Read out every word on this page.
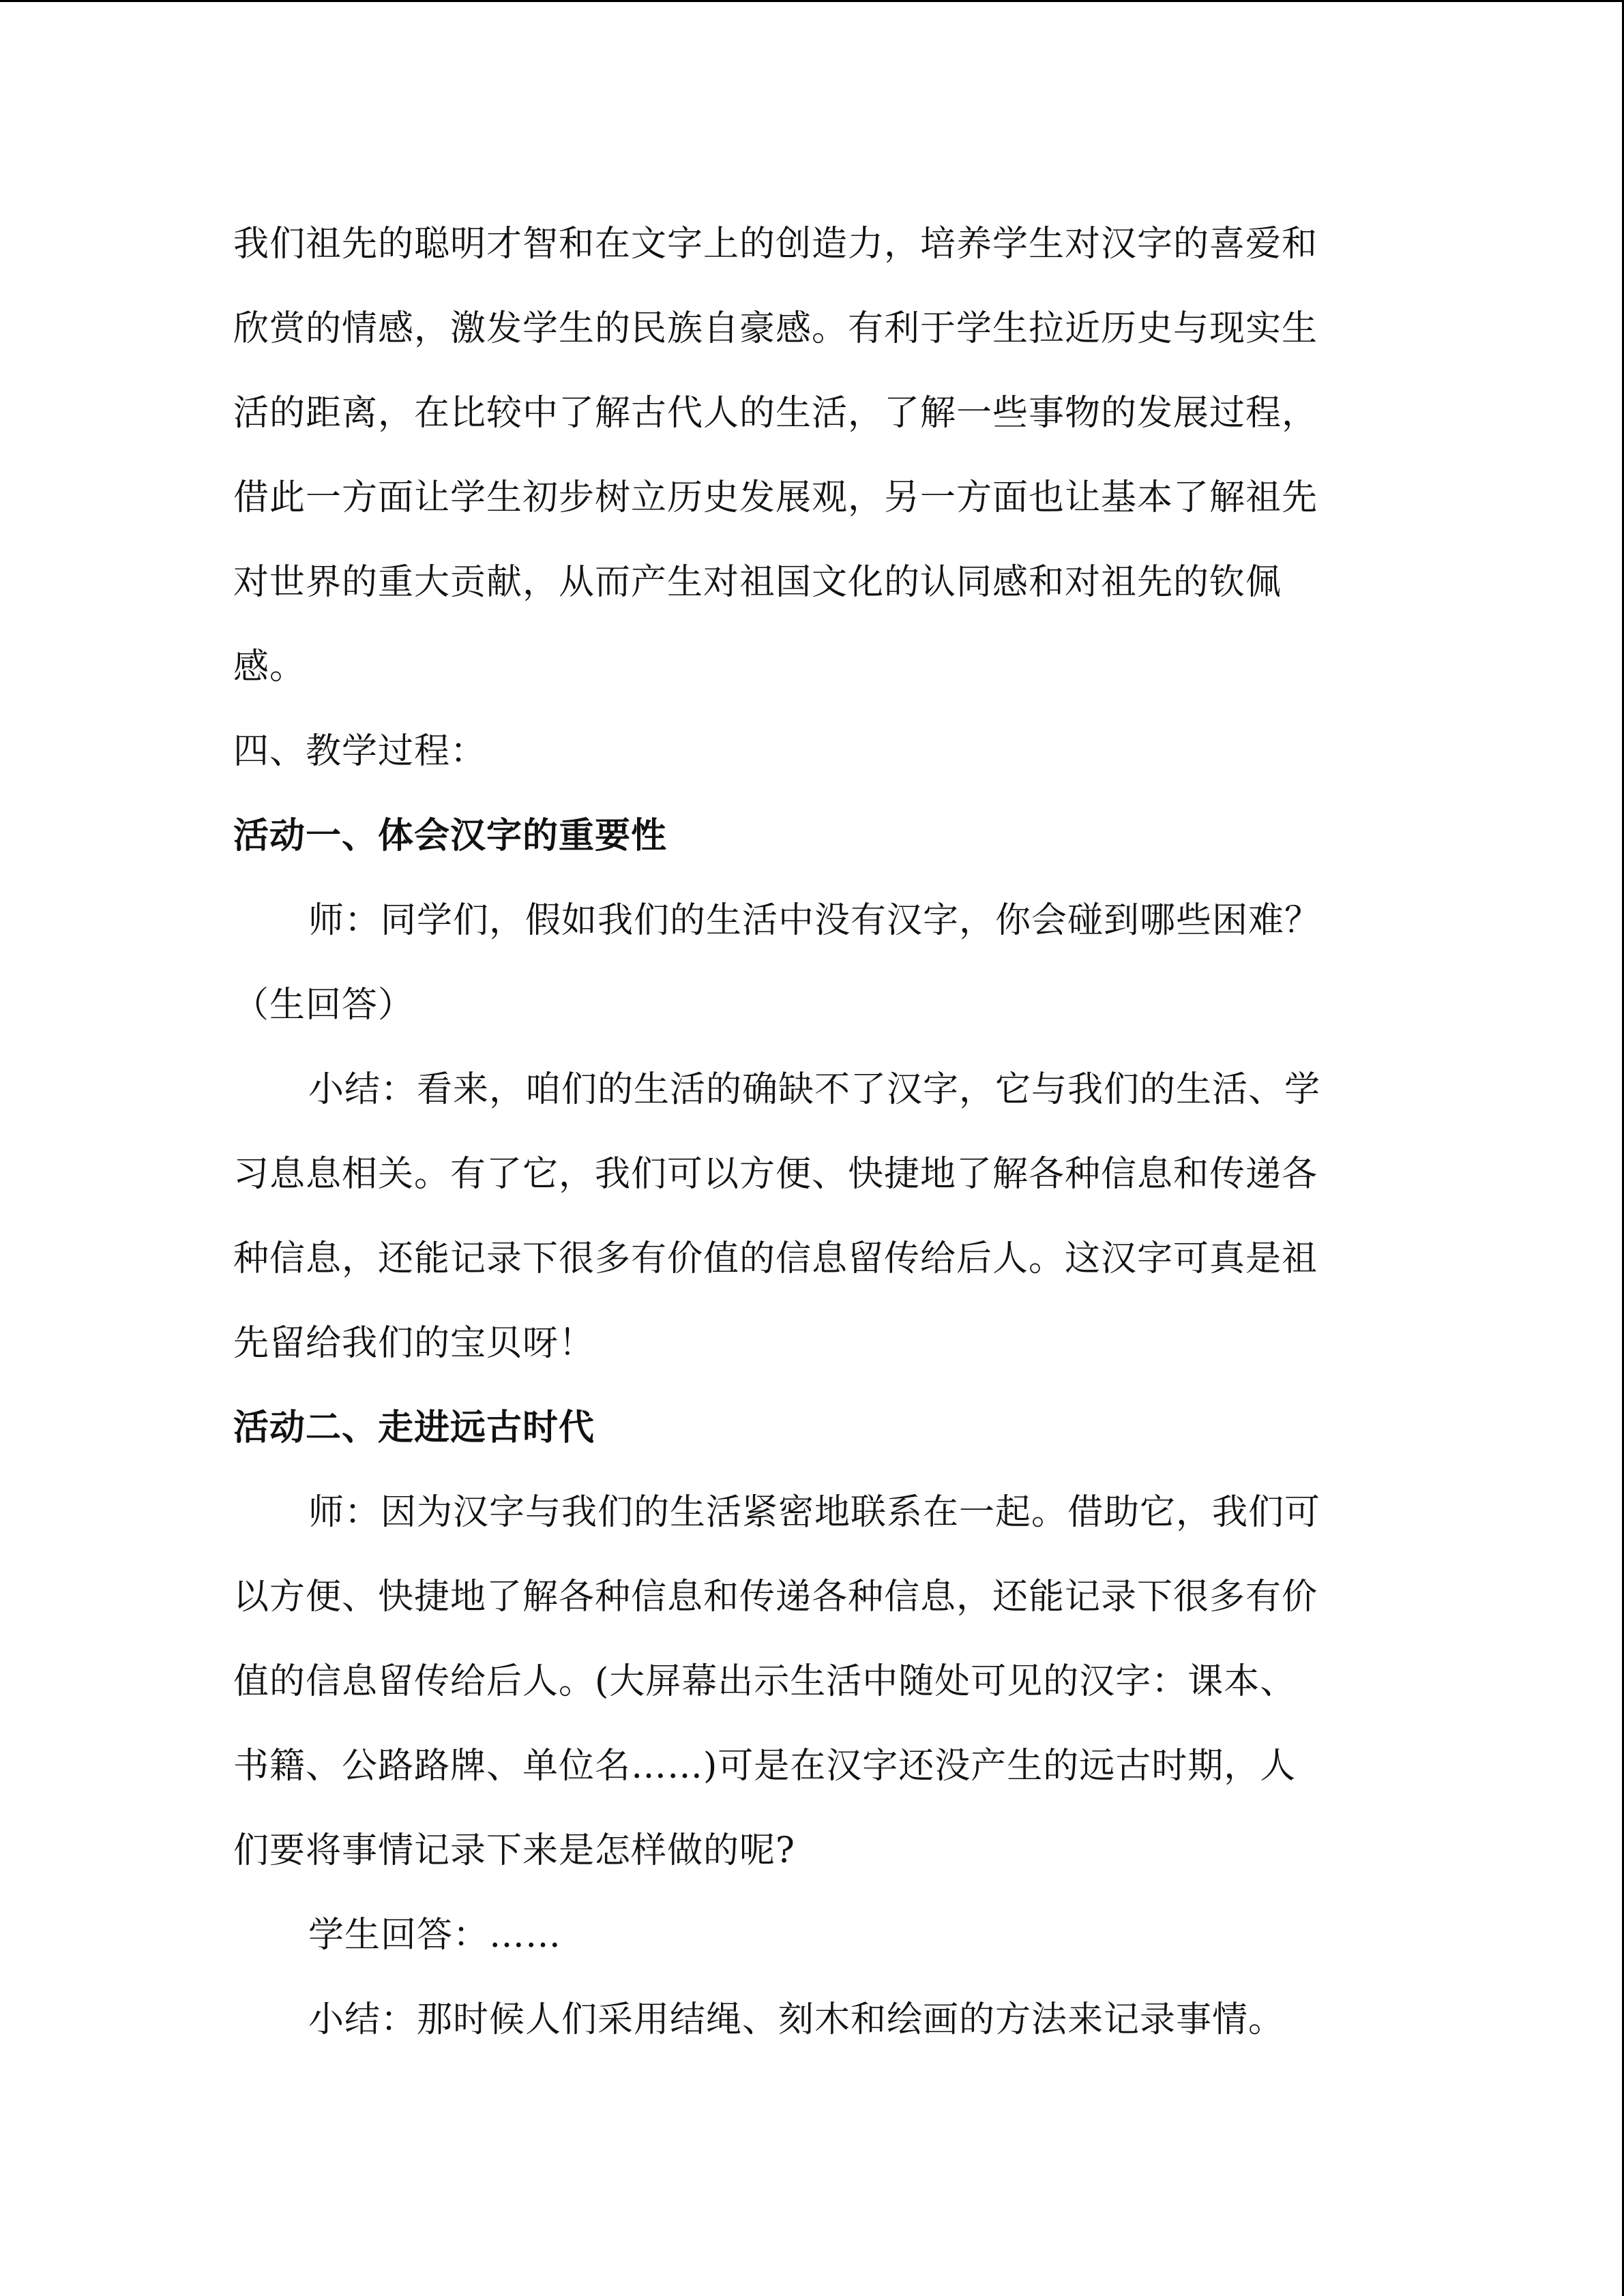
我们祖先的聪明才智和在文字上的创造力，培养学生对汉字的喜爱和
欣赏的情感，激发学生的民族自豪感。有利于学生拉近历史与现实生
活的距离，在比较中了解古代人的生活，了解一些事物的发展过程，
借此一方面让学生初步树立历史发展观，另一方面也让基本了解祖先
对世界的重大贡献，从而产生对祖国文化的认同感和对祖先的钦佩
感。
四、教学过程：
活动一、体会汉字的重要性
师：同学们，假如我们的生活中没有汉字，你会碰到哪些困难？
（生回答）
小结：看来，咱们的生活的确缺不了汉字，它与我们的生活、学
习息息相关。有了它，我们可以方便、快捷地了解各种信息和传递各
种信息，还能记录下很多有价值的信息留传给后人。这汉字可真是祖
先留给我们的宝贝呀！
活动二、走进远古时代
师：因为汉字与我们的生活紧密地联系在一起。借助它，我们可
以方便、快捷地了解各种信息和传递各种信息，还能记录下很多有价
值的信息留传给后人。(大屏幕出示生活中随处可见的汉字：课本、
书籍、公路路牌、单位名……)可是在汉字还没产生的远古时期，人
们要将事情记录下来是怎样做的呢?
学生回答：……
小结：那时候人们采用结绳、刻木和绘画的方法来记录事情。
